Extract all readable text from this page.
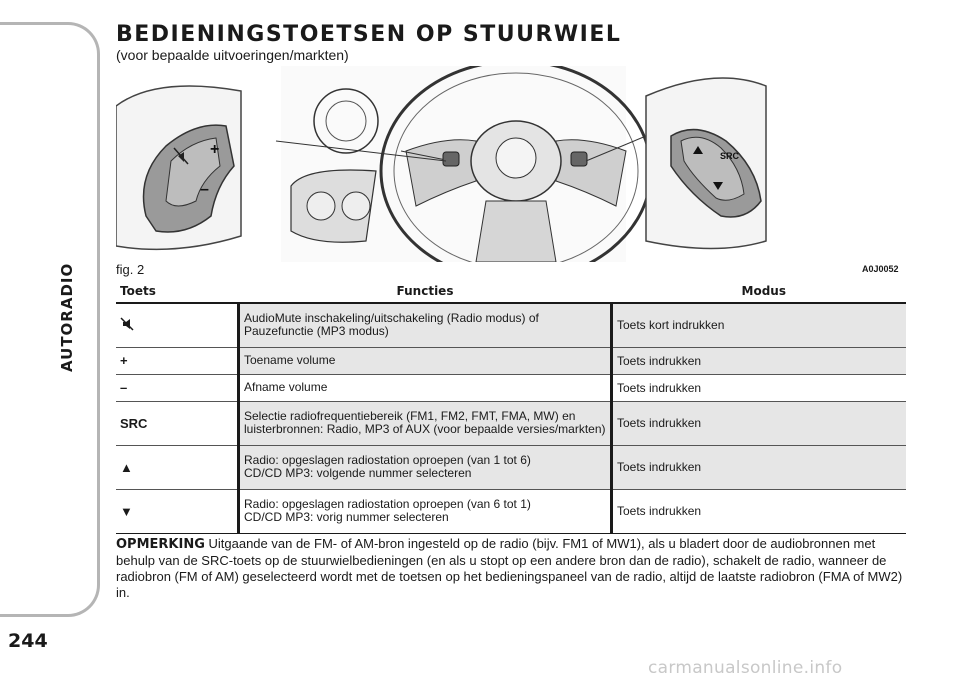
AUTORADIO
244
BEDIENINGSTOETSEN OP STUURWIEL
(voor bepaalde uitvoeringen/markten)
+
–
SRC
fig. 2	A0J0052
Toets	Functies	Modus
	AudioMute inschakeling/uitschakeling (Radio modus) of
Pauzefunctie (MP3 modus)	Toets kort indrukken
+	Toename volume	Toets indrukken
–	Afname volume	Toets indrukken
SRC	Selectie radiofrequentiebereik (FM1, FM2, FMT, FMA, MW) en
luisterbronnen: Radio, MP3 of AUX (voor bepaalde versies/markten)	Toets indrukken
▲	Radio: opgeslagen radiostation oproepen (van 1 tot 6)
CD/CD MP3: volgende nummer selecteren	Toets indrukken
▼	Radio: opgeslagen radiostation oproepen (van 6 tot 1)
CD/CD MP3: vorig nummer selecteren	Toets indrukken
OPMERKING Uitgaande van de FM- of AM-bron ingesteld op de radio (bijv. FM1 of MW1), als u bladert door de audiobronnen met behulp van de SRC-toets op de stuurwielbedieningen (en als u stopt op een andere bron dan de radio), schakelt de radio, wanneer de radiobron (FM of AM) geselecteerd wordt met de toetsen op het bedieningspaneel van de radio, altijd de laatste radiobron (FMA of MW2) in.
carmanualsonline.info
